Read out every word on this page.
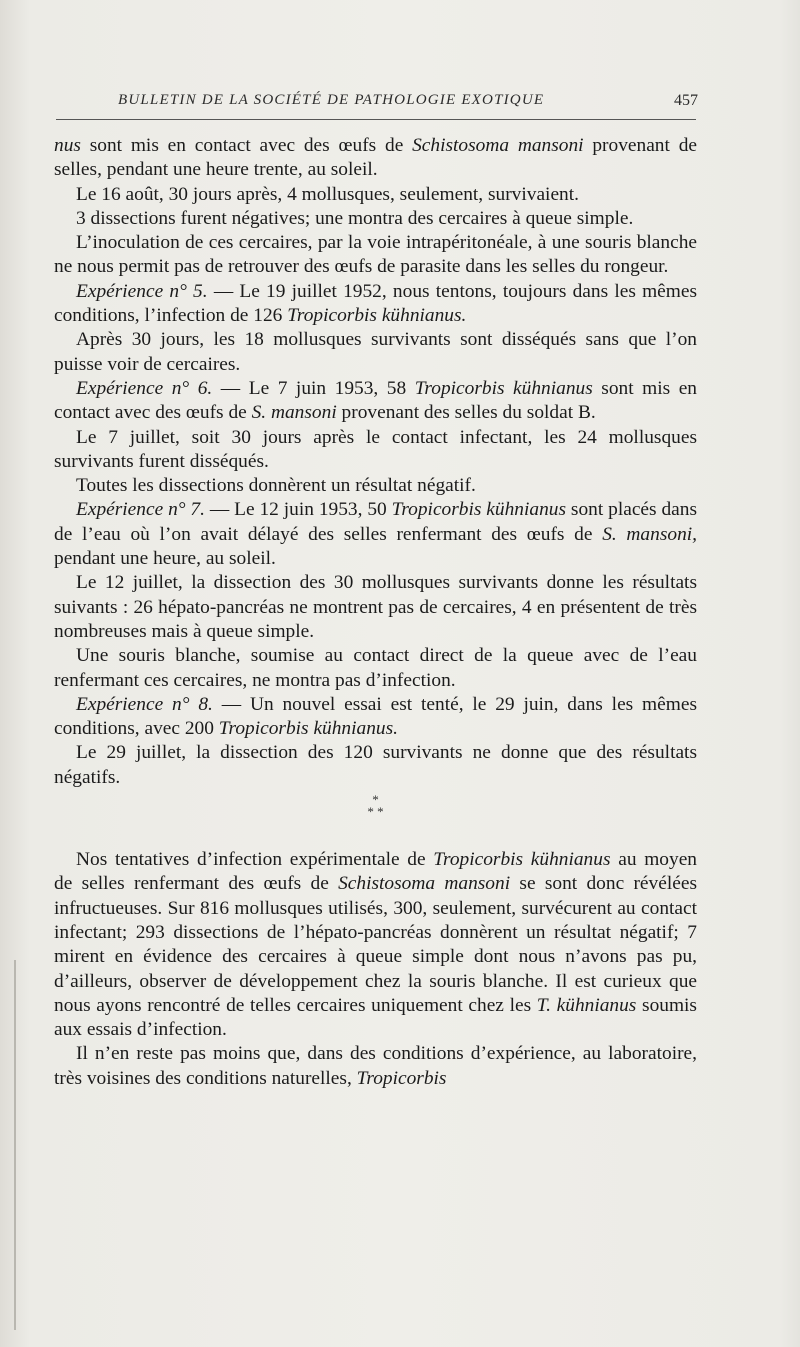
BULLETIN DE LA SOCIÉTÉ DE PATHOLOGIE EXOTIQUE	457

nus sont mis en contact avec des œufs de Schistosoma mansoni provenant de selles, pendant une heure trente, au soleil.

Le 16 août, 30 jours après, 4 mollusques, seulement, survivaient.

3 dissections furent négatives; une montra des cercaires à queue simple.

L’inoculation de ces cercaires, par la voie intrapéritonéale, à une souris blanche ne nous permit pas de retrouver des œufs de parasite dans les selles du rongeur.

Expérience n° 5. — Le 19 juillet 1952, nous tentons, toujours dans les mêmes conditions, l’infection de 126 Tropicorbis kühnianus.

Après 30 jours, les 18 mollusques survivants sont disséqués sans que l’on puisse voir de cercaires.

Expérience n° 6. — Le 7 juin 1953, 58 Tropicorbis kühnianus sont mis en contact avec des œufs de S. mansoni provenant des selles du soldat B.

Le 7 juillet, soit 30 jours après le contact infectant, les 24 mollusques survivants furent disséqués.

Toutes les dissections donnèrent un résultat négatif.

Expérience n° 7. — Le 12 juin 1953, 50 Tropicorbis kühnianus sont placés dans de l’eau où l’on avait délayé des selles renfermant des œufs de S. mansoni, pendant une heure, au soleil.

Le 12 juillet, la dissection des 30 mollusques survivants donne les résultats suivants : 26 hépato-pancréas ne montrent pas de cercaires, 4 en présentent de très nombreuses mais à queue simple.

Une souris blanche, soumise au contact direct de la queue avec de l’eau renfermant ces cercaires, ne montra pas d’infection.

Expérience n° 8. — Un nouvel essai est tenté, le 29 juin, dans les mêmes conditions, avec 200 Tropicorbis kühnianus.

Le 29 juillet, la dissection des 120 survivants ne donne que des résultats négatifs.

*
* *

Nos tentatives d’infection expérimentale de Tropicorbis kühnianus au moyen de selles renfermant des œufs de Schistosoma mansoni se sont donc révélées infructueuses. Sur 816 mollusques utilisés, 300, seulement, survécurent au contact infectant; 293 dissections de l’hépato-pancréas donnèrent un résultat négatif; 7 mirent en évidence des cercaires à queue simple dont nous n’avons pas pu, d’ailleurs, observer de développement chez la souris blanche. Il est curieux que nous ayons rencontré de telles cercaires uniquement chez les T. kühnianus soumis aux essais d’infection.

Il n’en reste pas moins que, dans des conditions d’expérience, au laboratoire, très voisines des conditions naturelles, Tropicorbis
